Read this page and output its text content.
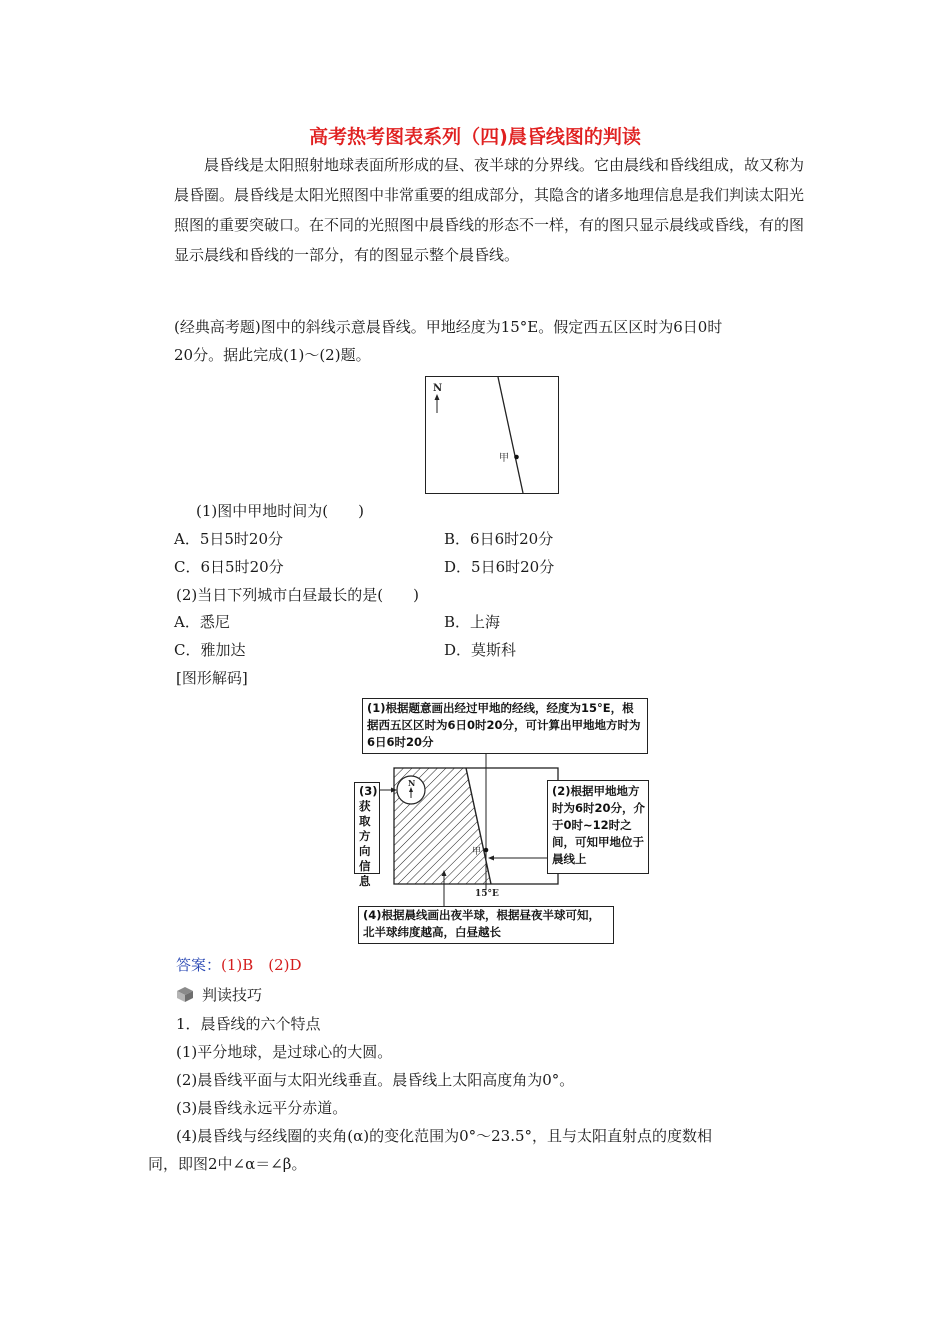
高考热考图表系列（四)晨昏线图的判读
晨昏线是太阳照射地球表面所形成的昼、夜半球的分界线。它由晨线和昏线组成，故又称为晨昏圈。晨昏线是太阳光照图中非常重要的组成部分，其隐含的诸多地理信息是我们判读太阳光照图的重要突破口。在不同的光照图中晨昏线的形态不一样，有的图只显示晨线或昏线，有的图显示晨线和昏线的一部分，有的图显示整个晨昏线。
(经典高考题)图中的斜线示意晨昏线。甲地经度为15°E。假定西五区区时为6日0时
20分。据此完成(1)～(2)题。
N
甲
(1)图中甲地时间为(　　)
A．5日5时20分	B．6日6时20分
C．6日5时20分	D．5日6时20分
(2)当日下列城市白昼最长的是(　　)
A．悉尼	B．上海
C．雅加达	D．莫斯科
[图形解码]
N
甲
15°E
(1)根据题意画出经过甲地的经线，经度为15°E，根据西五区区时为6日0时20分，可计算出甲地地方时为6日6时20分
(2)根据甲地地方时为6时20分，介于0时~12时之间，可知甲地位于晨线上
(3)获取方向信息
(4)根据晨线画出夜半球，根据昼夜半球可知，北半球纬度越高，白昼越长
答案：(1)B　(2)D
判读技巧
1．晨昏线的六个特点
(1)平分地球，是过球心的大圆。
(2)晨昏线平面与太阳光线垂直。晨昏线上太阳高度角为0°。
(3)晨昏线永远平分赤道。
(4)晨昏线与经线圈的夹角(α)的变化范围为0°～23.5°，且与太阳直射点的度数相
同，即图2中∠α＝∠β。
